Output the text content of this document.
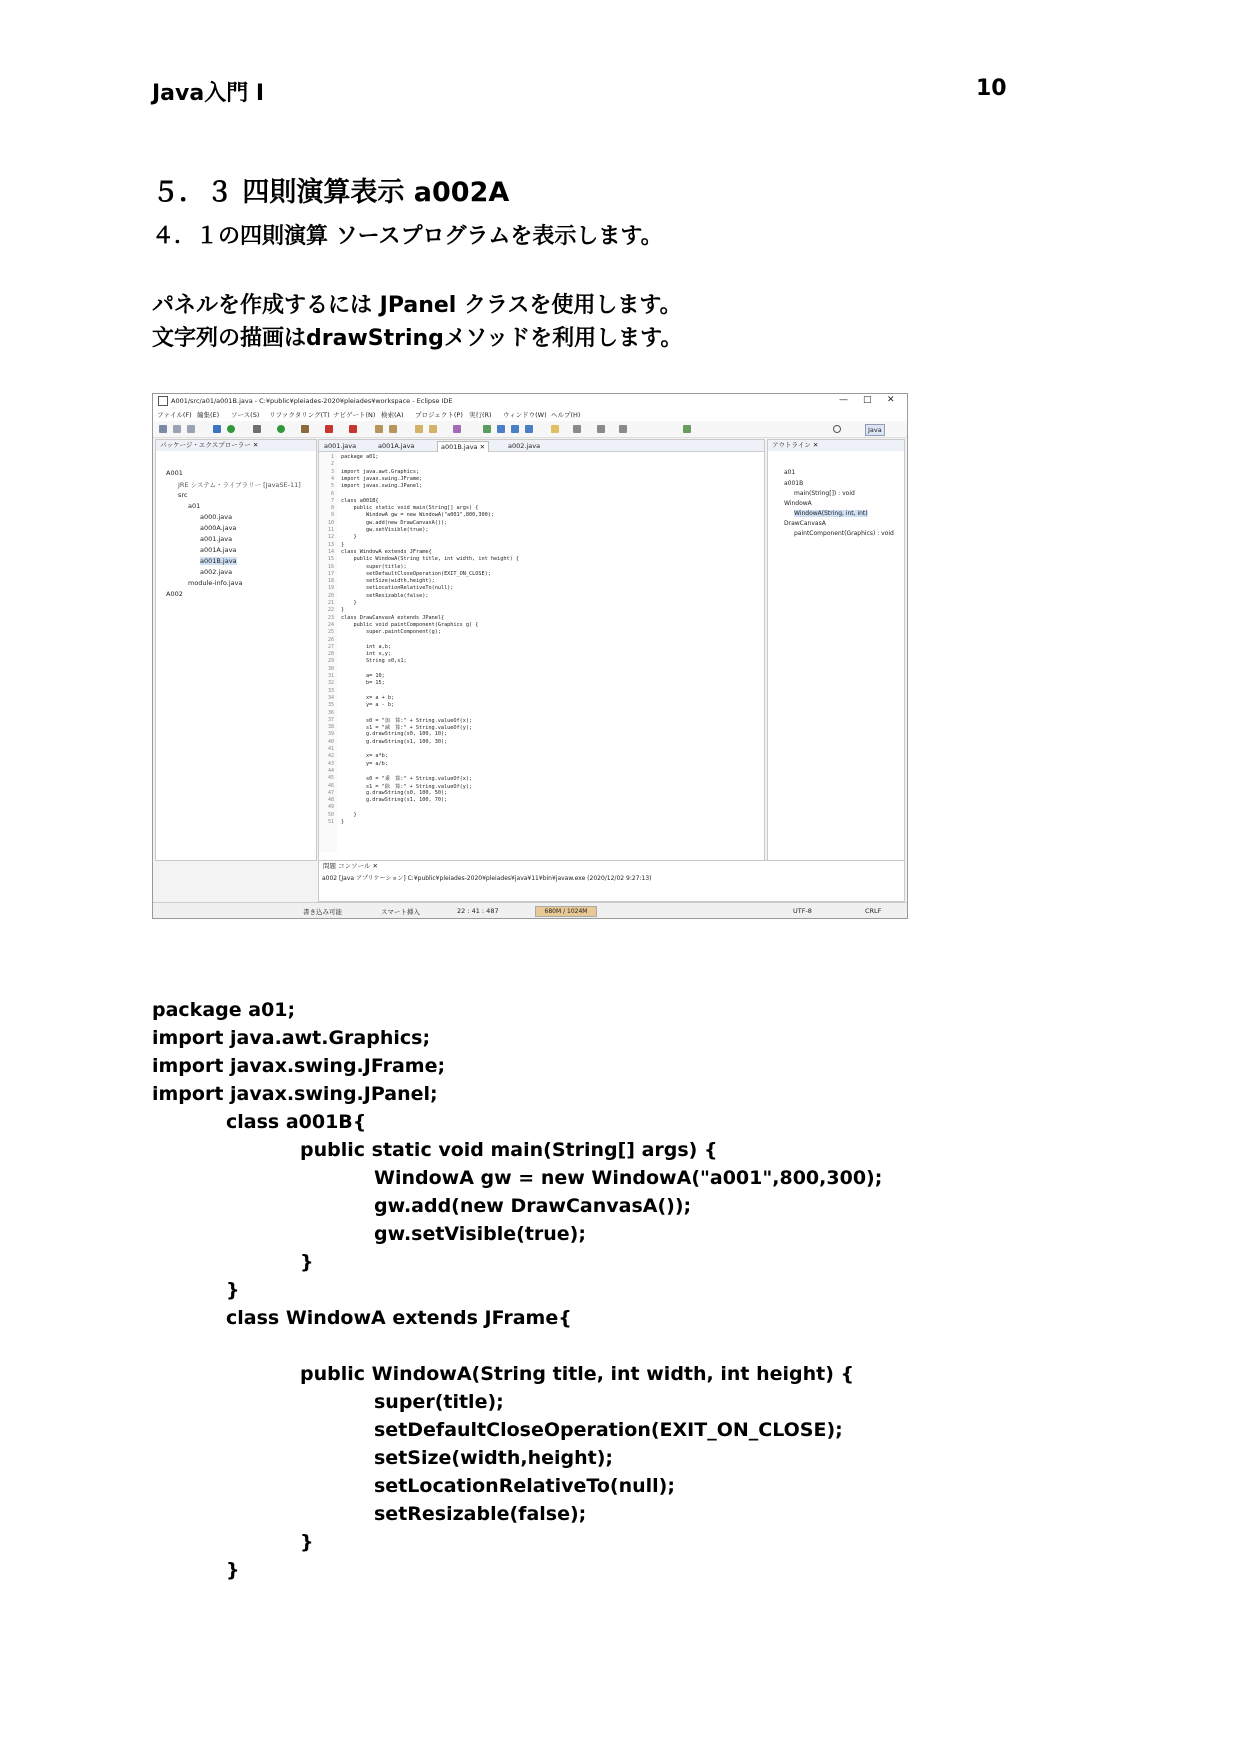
Java入門 Ⅰ	10
５．３ 四則演算表示 a002A
４．１の四則演算 ソースプログラムを表示します。
パネルを作成するには JPanel クラスを使用します。
文字列の描画はdrawStringメソッドを利用します。
A001/src/a01/a001B.java - C:¥public¥pleiades-2020¥pleiades¥workspace - Eclipse IDE	— □ ✕
ファイル(F) 編集(E) ソース(S) リファクタリング(T) ナビゲート(N) 検索(A) プロジェクト(P) 実行(R) ウィンドウ(W) ヘルプ(H)
Java
パッケージ・エクスプローラー ✕
A001
JRE システム・ライブラリー [JavaSE-11]
src
a01
a000.java
a000A.java
a001.java
a001A.java
a001B.java
a002.java
module-info.java
A002
a001.java	a001A.java	a001B.java ✕	a002.java
1
2
3
4
5
6
7
8
9
10
11
12
13
14
15
16
17
18
19
20
21
22
23
24
25
26
27
28
29
30
31
32
33
34
35
36
37
38
39
40
41
42
43
44
45
46
47
48
49
50
51
package a01;
import java.awt.Graphics;
import javax.swing.JFrame;
import javax.swing.JPanel;
class a001B{
public static void main(String[] args) {
WindowA gw = new WindowA("a001",800,300);
gw.add(new DrawCanvasA());
gw.setVisible(true);
}
}
class WindowA extends JFrame{
public WindowA(String title, int width, int height) {
super(title);
setDefaultCloseOperation(EXIT_ON_CLOSE);
setSize(width,height);
setLocationRelativeTo(null);
setResizable(false);
}
}
class DrawCanvasA extends JPanel{
public void paintComponent(Graphics g) {
super.paintComponent(g);
int a,b;
int x,y;
String s0,s1;
a= 10;
b= 15;
x= a + b;
y= a - b;
s0 = "加　算:" + String.valueOf(x);
s1 = "減　算:" + String.valueOf(y);
g.drawString(s0, 100, 10);
g.drawString(s1, 100, 30);
x= a*b;
y= a/b;
s0 = "乗　算:" + String.valueOf(x);
s1 = "除　算:" + String.valueOf(y);
g.drawString(s0, 100, 50);
g.drawString(s1, 100, 70);
}
}
アウトライン ✕
a01
a001B
main(String[]) : void
WindowA
WindowA(String, int, int)
DrawCanvasA
paintComponent(Graphics) : void
問題 コンソール ✕
a002 [Java アプリケーション] C:¥public¥pleiades-2020¥pleiades¥java¥11¥bin¥javaw.exe (2020/12/02 9:27:13)
書き込み可能	スマート挿入	22 : 41 : 487	680M / 1024M	UTF-8	CRLF
package a01;
import java.awt.Graphics;
import javax.swing.JFrame;
import javax.swing.JPanel;
class a001B{
public static void main(String[] args) {
WindowA gw = new WindowA("a001",800,300);
gw.add(new DrawCanvasA());
gw.setVisible(true);
}
}
class WindowA extends JFrame{
public WindowA(String title, int width, int height) {
super(title);
setDefaultCloseOperation(EXIT_ON_CLOSE);
setSize(width,height);
setLocationRelativeTo(null);
setResizable(false);
}
}
